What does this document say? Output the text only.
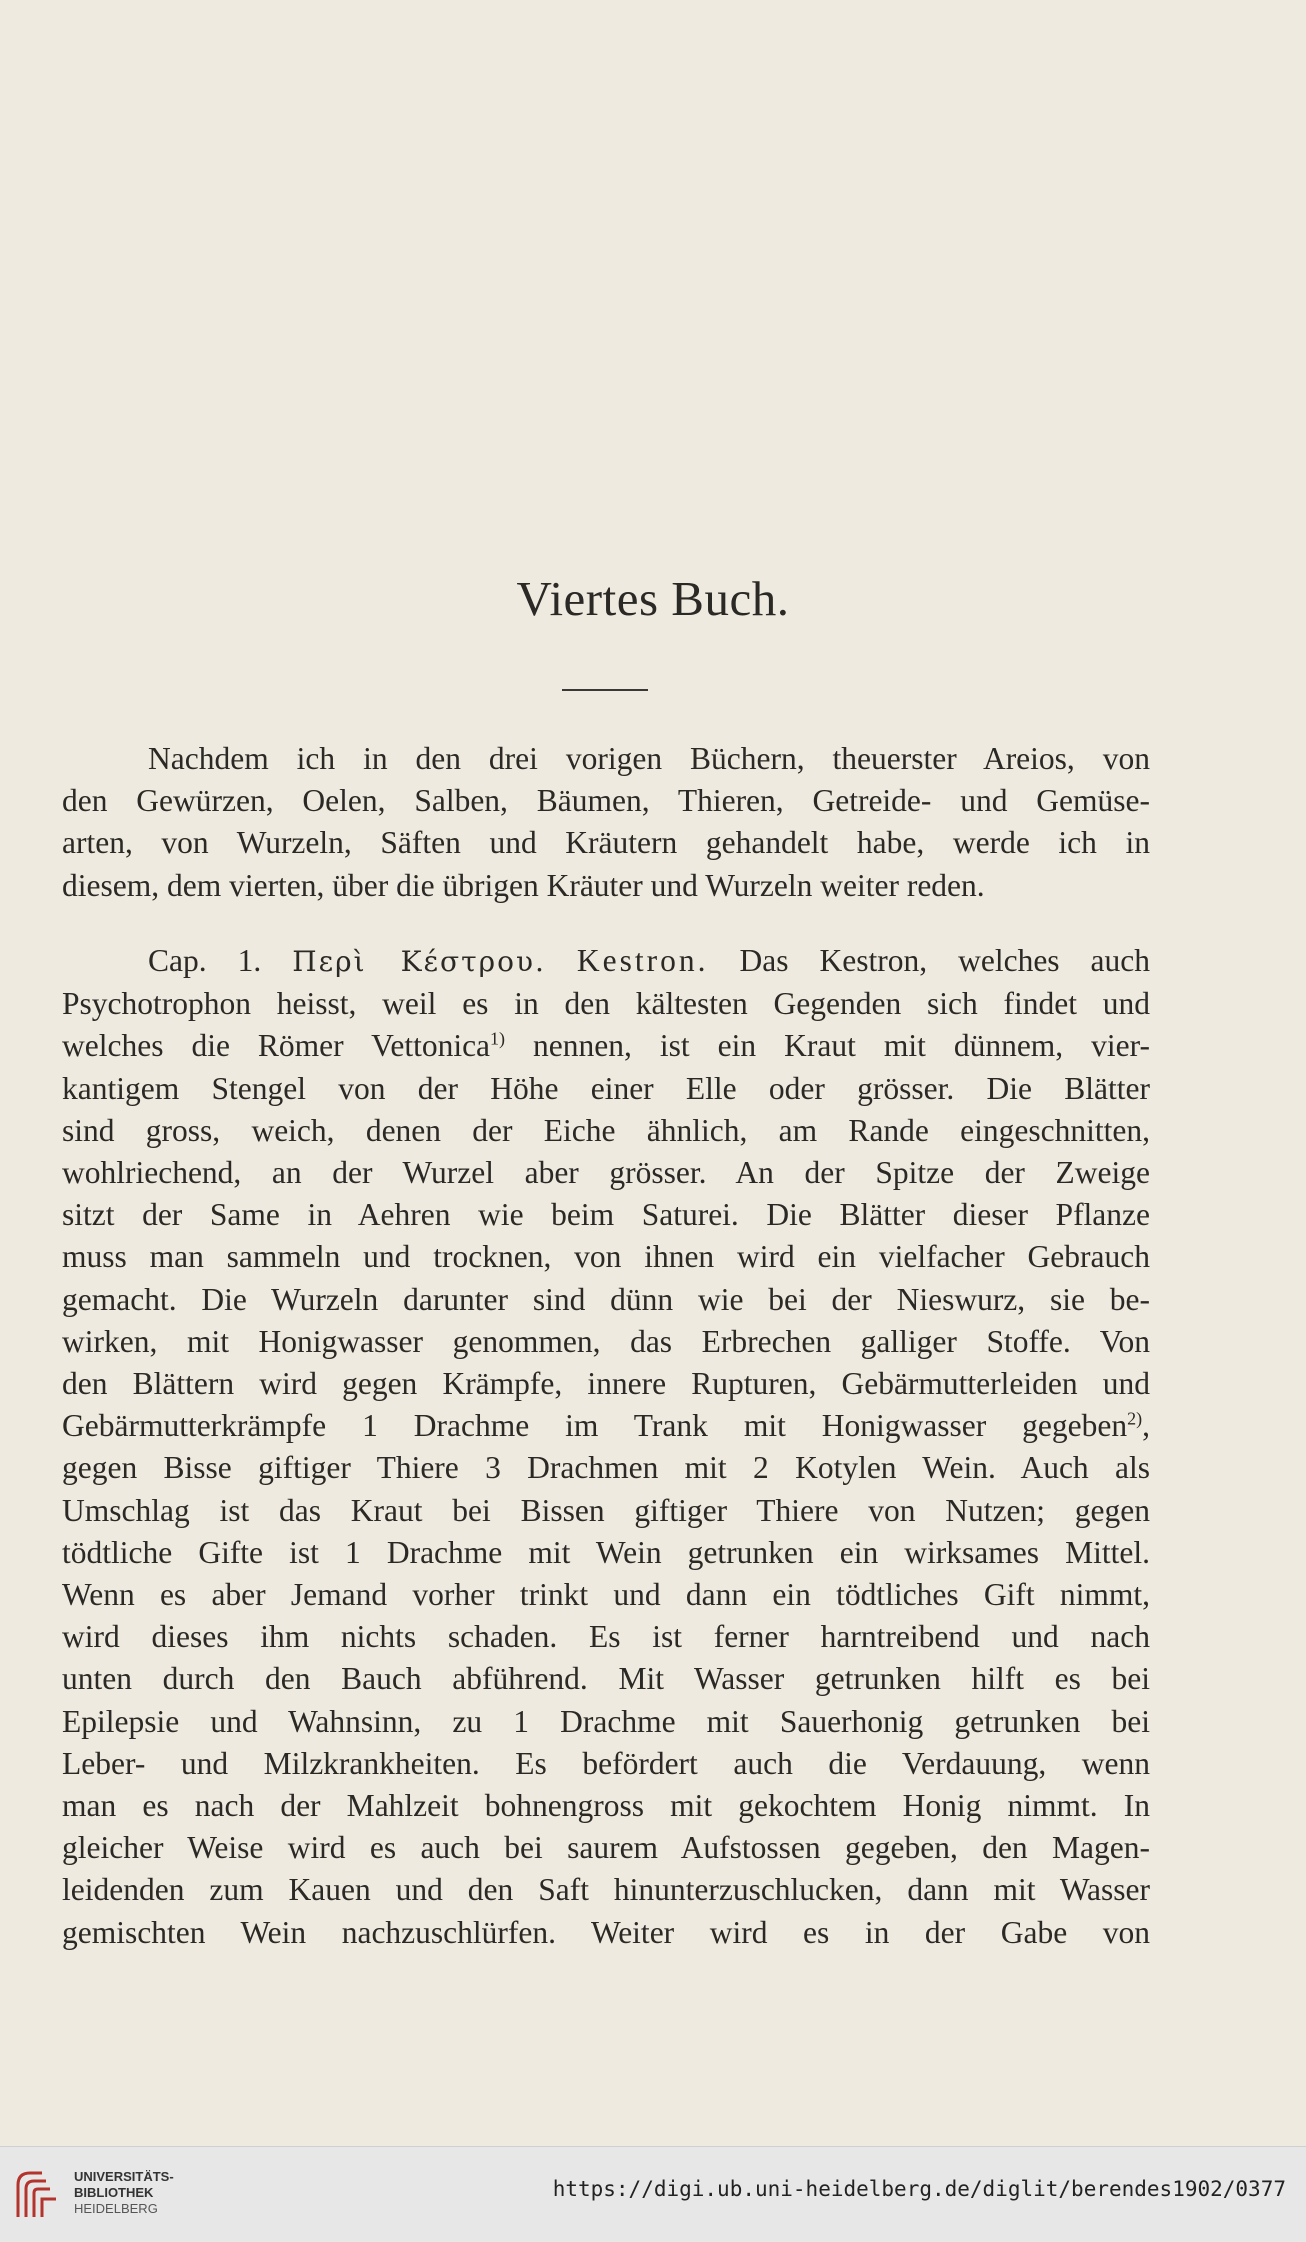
Viertes Buch.
Nachdem ich in den drei vorigen Büchern, theuerster Areios, von
den Gewürzen, Oelen, Salben, Bäumen, Thieren, Getreide- und Gemüse-
arten, von Wurzeln, Säften und Kräutern gehandelt habe, werde ich in
diesem, dem vierten, über die übrigen Kräuter und Wurzeln weiter reden.
Cap. 1. Περὶ Κέστρου. Kestron. Das Kestron, welches auch
Psychotrophon heisst, weil es in den kältesten Gegenden sich findet und
welches die Römer Vettonica$^{1)}$ nennen, ist ein Kraut mit dünnem, vier-
kantigem Stengel von der Höhe einer Elle oder grösser. Die Blätter
sind gross, weich, denen der Eiche ähnlich, am Rande eingeschnitten,
wohlriechend, an der Wurzel aber grösser. An der Spitze der Zweige
sitzt der Same in Aehren wie beim Saturei. Die Blätter dieser Pflanze
muss man sammeln und trocknen, von ihnen wird ein vielfacher Gebrauch
gemacht. Die Wurzeln darunter sind dünn wie bei der Nieswurz, sie be-
wirken, mit Honigwasser genommen, das Erbrechen galliger Stoffe. Von
den Blättern wird gegen Krämpfe, innere Rupturen, Gebärmutterleiden und
Gebärmutterkrämpfe 1 Drachme im Trank mit Honigwasser gegeben$^{2)}$,
gegen Bisse giftiger Thiere 3 Drachmen mit 2 Kotylen Wein. Auch als
Umschlag ist das Kraut bei Bissen giftiger Thiere von Nutzen; gegen
tödtliche Gifte ist 1 Drachme mit Wein getrunken ein wirksames Mittel.
Wenn es aber Jemand vorher trinkt und dann ein tödtliches Gift nimmt,
wird dieses ihm nichts schaden. Es ist ferner harntreibend und nach
unten durch den Bauch abführend. Mit Wasser getrunken hilft es bei
Epilepsie und Wahnsinn, zu 1 Drachme mit Sauerhonig getrunken bei
Leber- und Milzkrankheiten. Es befördert auch die Verdauung, wenn
man es nach der Mahlzeit bohnengross mit gekochtem Honig nimmt. In
gleicher Weise wird es auch bei saurem Aufstossen gegeben, den Magen-
leidenden zum Kauen und den Saft hinunterzuschlucken, dann mit Wasser
gemischten Wein nachzuschlürfen. Weiter wird es in der Gabe von
UNIVERSITÄTS-
BIBLIOTHEK
HEIDELBERG
https://digi.ub.uni-heidelberg.de/diglit/berendes1902/0377
